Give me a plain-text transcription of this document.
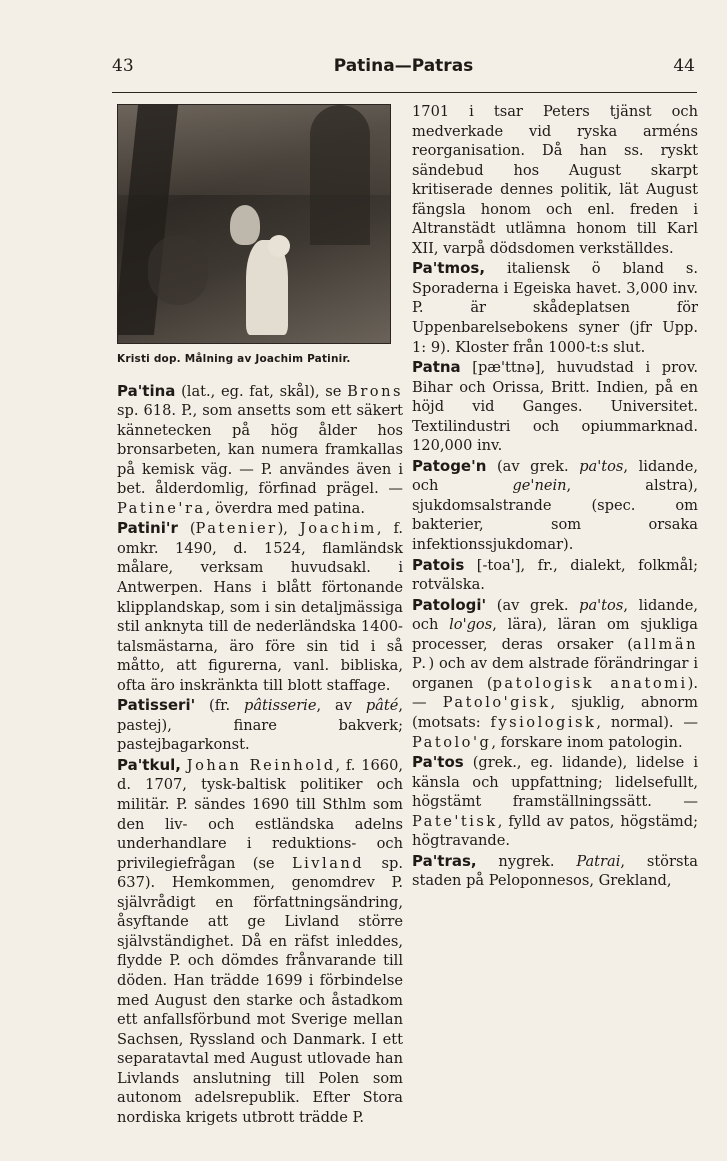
43	Patina—Patras	44
Kristi dop. Målning av Joachim Patinir.

Pa'tina (lat., eg. fat, skål), se Brons sp. 618. P., som ansetts som ett säkert kännetecken på hög ålder hos bronsarbeten, kan numera framkallas på kemisk väg. — P. användes även i bet. ålderdomlig, förfinad prägel. — Patine'ra, överdra med patina.

Patini'r (Patenier), Joachim, f. omkr. 1490, d. 1524, flamländsk målare, verksam huvudsakl. i Antwerpen. Hans i blått förtonande klipplandskap, som i sin detaljmässiga stil anknyta till de nederländska 1400-talsmästarna, äro före sin tid i så måtto, att figurerna, vanl. bibliska, ofta äro inskränkta till blott staffage.

Patisseri' (fr. pâtisserie, av pâté, pastej), finare bakverk; pastejbagarkonst.

Pa'tkul, Johan Reinhold, f. 1660, d. 1707, tysk-baltisk politiker och militär. P. sändes 1690 till Sthlm som den liv- och estländska adelns underhandlare i reduktions- och privilegiefrågan (se Livland sp. 637). Hemkommen, genomdrev P. självrådigt en författningsändring, åsyftande att ge Livland större självständighet. Då en räfst inleddes, flydde P. och dömdes frånvarande till döden. Han trädde 1699 i förbindelse med August den starke och åstadkom ett anfallsförbund mot Sverige mellan Sachsen, Ryssland och Danmark. I ett separatavtal med August utlovade han Livlands anslutning till Polen som autonom adelsrepublik. Efter Stora nordiska krigets utbrott trädde P.

1701 i tsar Peters tjänst och medverkade vid ryska arméns reorganisation. Då han ss. ryskt sändebud hos August skarpt kritiserade dennes politik, lät August fängsla honom och enl. freden i Altranstädt utlämna honom till Karl XII, varpå dödsdomen verkställdes.

Pa'tmos, italiensk ö bland s. Sporaderna i Egeiska havet. 3,000 inv. P. är skådeplatsen för Uppenbarelsebokens syner (jfr Upp. 1: 9). Kloster från 1000-t:s slut.

Patna [pæ'ttnə], huvudstad i prov. Bihar och Orissa, Britt. Indien, på en höjd vid Ganges. Universitet. Textilindustri och opiummarknad. 120,000 inv.

Patoge'n (av grek. pa'tos, lidande, och ge'nein, alstra), sjukdomsalstrande (spec. om bakterier, som orsaka infektionssjukdomar).

Patois [-toa'], fr., dialekt, folkmål; rotvälska.

Patologi' (av grek. pa'tos, lidande, och lo'gos, lära), läran om sjukliga processer, deras orsaker (allmän P.) och av dem alstrade förändringar i organen (patologisk anatomi). — Patolo'gisk, sjuklig, abnorm (motsats: fysiologisk, normal). — Patolo'g, forskare inom patologin.

Pa'tos (grek., eg. lidande), lidelse i känsla och uppfattning; lidelsefullt, högstämt framställningssätt. — Pate'tisk, fylld av patos, högstämd; högtravande.

Pa'tras, nygrek. Patrai, största staden på Peloponnesos, Grekland,
